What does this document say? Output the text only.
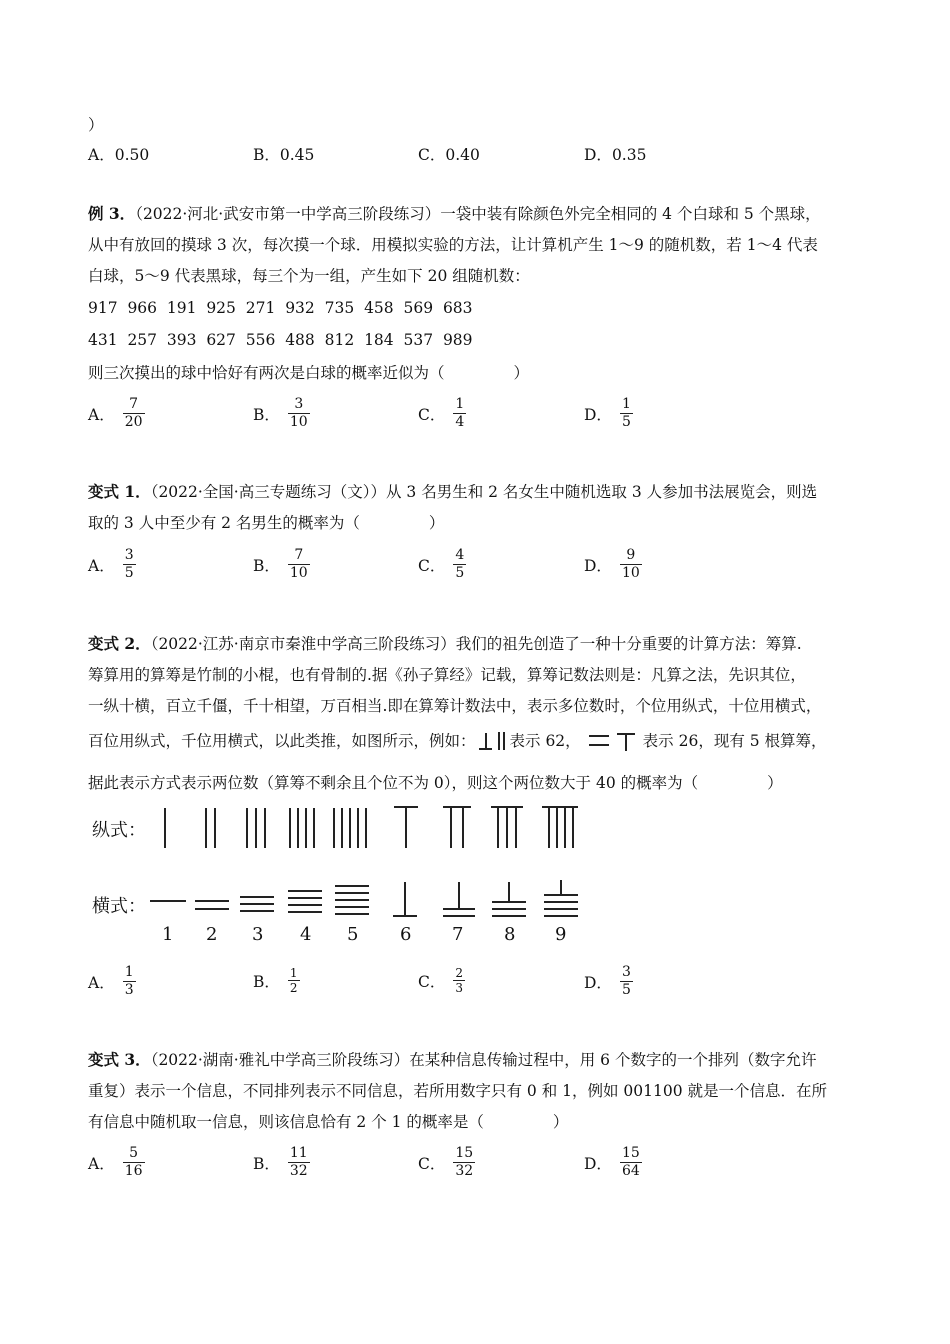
）
A．0.50	B．0.45	C．0.40	D．0.35
例 3．（2022·河北·武安市第一中学高三阶段练习）一袋中装有除颜色外完全相同的 4 个白球和 5 个黑球，
从中有放回的摸球 3 次，每次摸一个球．用模拟实验的方法，让计算机产生 1～9 的随机数，若 1～4 代表
白球，5～9 代表黑球，每三个为一组，产生如下 20 组随机数：
917  966  191  925  271  932  735  458  569  683
431  257  393  627  556  488  812  184  537  989
则三次摸出的球中恰好有两次是白球的概率近似为（              ）
A． $\frac{7}{20}$	B． $\frac{3}{10}$	C． $\frac{1}{4}$	D． $\frac{1}{5}$
变式 1．（2022·全国·高三专题练习（文））从 3 名男生和 2 名女生中随机选取 3 人参加书法展览会，则选
取的 3 人中至少有 2 名男生的概率为（              ）
A． $\frac{3}{5}$	B． $\frac{7}{10}$	C． $\frac{4}{5}$	D． $\frac{9}{10}$
变式 2．（2022·江苏·南京市秦淮中学高三阶段练习）我们的祖先创造了一种十分重要的计算方法：筹算.
筹算用的算筹是竹制的小棍，也有骨制的.据《孙子算经》记载，算筹记数法则是：凡算之法，先识其位，
一纵十横，百立千僵，千十相望，万百相当.即在算筹计数法中，表示多位数时，个位用纵式，十位用横式，
百位用纵式，千位用横式，以此类推，如图所示，例如： 表示 62，	表示 26，现有 5 根算筹，
据此表示方式表示两位数（算筹不剩余且个位不为 0），则这个两位数大于 40 的概率为（              ）
纵式：
横式：
1 2 3 4 5 6 7 8 9
A． $\frac{1}{3}$	B． $\frac{1}{2}$	C． $\frac{2}{3}$	D． $\frac{3}{5}$
变式 3．（2022·湖南·雅礼中学高三阶段练习）在某种信息传输过程中，用 6 个数字的一个排列（数字允许
重复）表示一个信息，不同排列表示不同信息，若所用数字只有 0 和 1，例如 001100 就是一个信息．在所
有信息中随机取一信息，则该信息恰有 2 个 1 的概率是（              ）
A． $\frac{5}{16}$	B． $\frac{11}{32}$	C． $\frac{15}{32}$	D． $\frac{15}{64}$
